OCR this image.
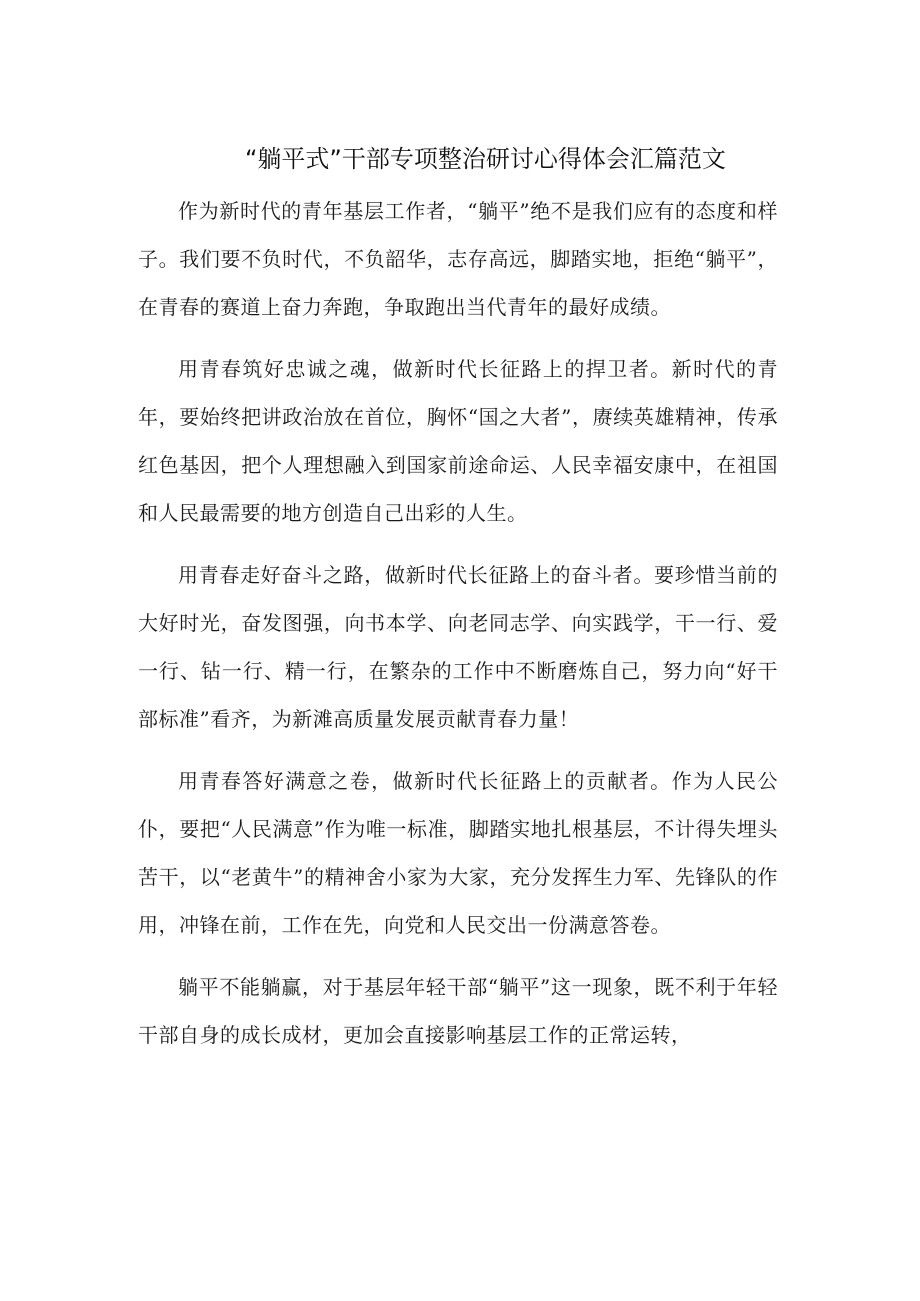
“躺平式”干部专项整治研讨心得体会汇篇范文

作为新时代的青年基层工作者，“躺平”绝不是我们应有的态度和样子。我们要不负时代，不负韶华，志存高远，脚踏实地，拒绝“躺平”，在青春的赛道上奋力奔跑，争取跑出当代青年的最好成绩。

用青春筑好忠诚之魂，做新时代长征路上的捍卫者。新时代的青年，要始终把讲政治放在首位，胸怀“国之大者”，赓续英雄精神，传承红色基因，把个人理想融入到国家前途命运、人民幸福安康中，在祖国和人民最需要的地方创造自己出彩的人生。

用青春走好奋斗之路，做新时代长征路上的奋斗者。要珍惜当前的大好时光，奋发图强，向书本学、向老同志学、向实践学，干一行、爱一行、钻一行、精一行，在繁杂的工作中不断磨炼自己，努力向“好干部标准”看齐，为新滩高质量发展贡献青春力量！

用青春答好满意之卷，做新时代长征路上的贡献者。作为人民公仆，要把“人民满意”作为唯一标准，脚踏实地扎根基层，不计得失埋头苦干，以“老黄牛”的精神舍小家为大家，充分发挥生力军、先锋队的作用，冲锋在前，工作在先，向党和人民交出一份满意答卷。

躺平不能躺赢，对于基层年轻干部“躺平”这一现象，既不利于年轻干部自身的成长成材，更加会直接影响基层工作的正常运转，
